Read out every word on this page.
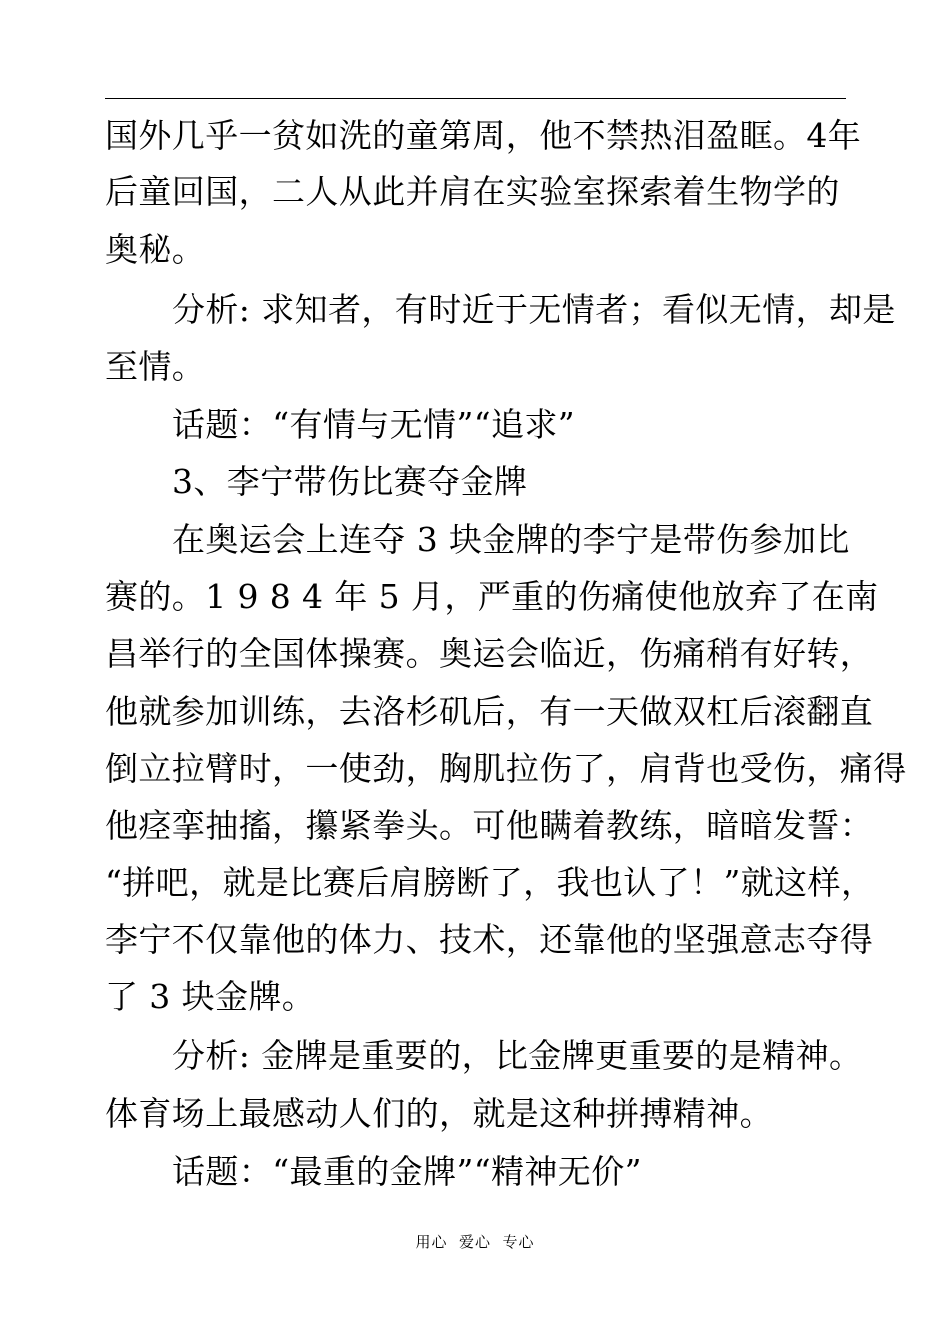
国外几乎一贫如洗的童第周，他不禁热泪盈眶。4年
后童回国，二人从此并肩在实验室探索着生物学的
奥秘。
分析: 求知者，有时近于无情者；看似无情，却是
至情。
话题：“有情与无情”“追求”
3、李宁带伤比赛夺金牌
在奥运会上连夺 3 块金牌的李宁是带伤参加比
赛的。1 9 8 4 年 5 月，严重的伤痛使他放弃了在南
昌举行的全国体操赛。奥运会临近，伤痛稍有好转，
他就参加训练，去洛杉矶后，有一天做双杠后滚翻直
倒立拉臂时，一使劲，胸肌拉伤了，肩背也受伤，痛得
他痉挛抽搐，攥紧拳头。可他瞒着教练，暗暗发誓：
“拼吧，就是比赛后肩膀断了，我也认了！”就这样，
李宁不仅靠他的体力、技术，还靠他的坚强意志夺得
了 3 块金牌。
分析: 金牌是重要的，比金牌更重要的是精神。
体育场上最感动人们的，就是这种拼搏精神。
话题：“最重的金牌”“精神无价”
用心  爱心  专心
